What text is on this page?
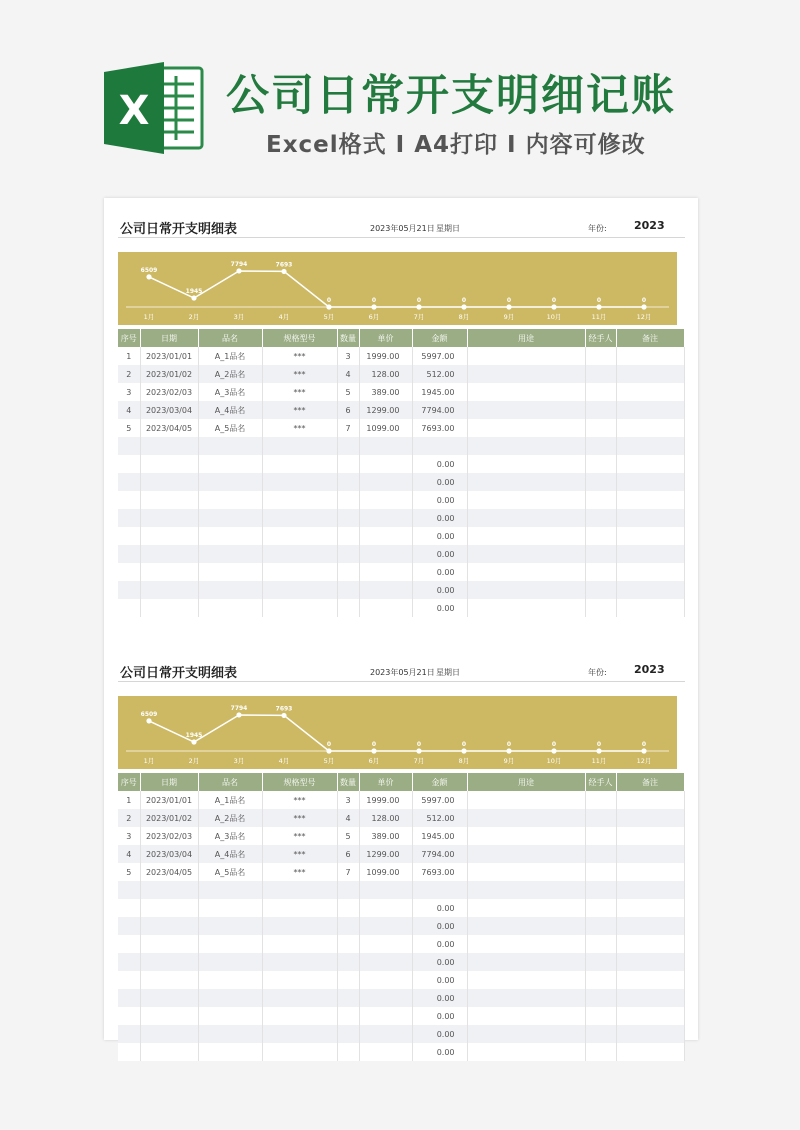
X 公司日常开支明细记账
Excel格式 I A4打印 I 内容可修改
公司日常开支明细表	2023年05月21日 星期日	年份: 2023
6509
1月
1945
2月
7794
3月
7693
4月
0
5月
0
6月
0
7月
0
8月
0
9月
0
10月
0
11月
0
12月
序号	日期	品名	规格型号	数量	单价	金额	用途	经手人	备注
1	2023/01/01	A_1品名	***	3	1999.00	5997.00			
2	2023/01/02	A_2品名	***	4	128.00	512.00			
3	2023/02/03	A_3品名	***	5	389.00	1945.00			
4	2023/03/04	A_4品名	***	6	1299.00	7794.00			
5	2023/04/05	A_5品名	***	7	1099.00	7693.00			

						0.00			
						0.00			
						0.00			
						0.00			
						0.00			
						0.00			
						0.00			
						0.00			
						0.00			
公司日常开支明细表	2023年05月21日 星期日	年份: 2023
6509
1月
1945
2月
7794
3月
7693
4月
0
5月
0
6月
0
7月
0
8月
0
9月
0
10月
0
11月
0
12月
序号	日期	品名	规格型号	数量	单价	金额	用途	经手人	备注
1	2023/01/01	A_1品名	***	3	1999.00	5997.00			
2	2023/01/02	A_2品名	***	4	128.00	512.00			
3	2023/02/03	A_3品名	***	5	389.00	1945.00			
4	2023/03/04	A_4品名	***	6	1299.00	7794.00			
5	2023/04/05	A_5品名	***	7	1099.00	7693.00			

						0.00			
						0.00			
						0.00			
						0.00			
						0.00			
						0.00			
						0.00			
						0.00			
						0.00			
